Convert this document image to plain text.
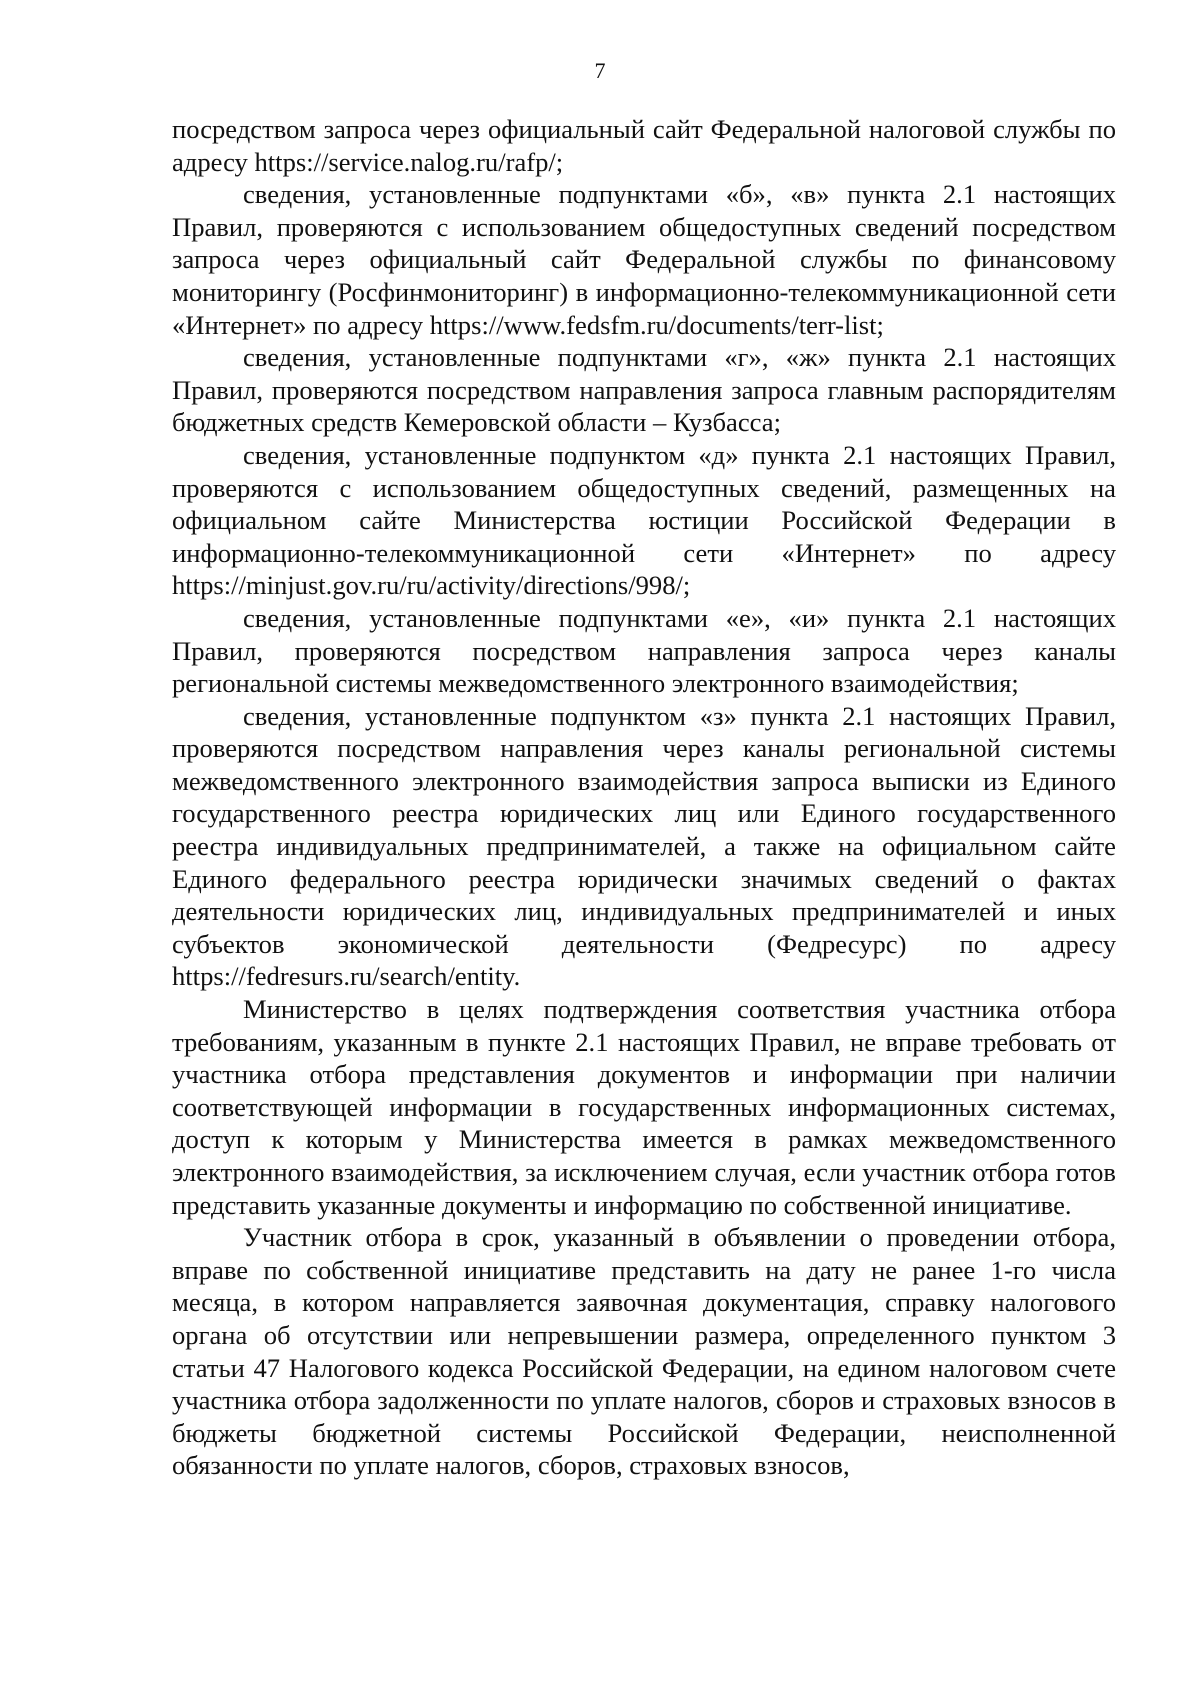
7

посредством запроса через официальный сайт Федеральной налоговой службы по адресу https://service.nalog.ru/rafp/;

сведения, установленные подпунктами «б», «в» пункта 2.1 настоящих Правил, проверяются с использованием общедоступных сведений посредством запроса через официальный сайт Федеральной службы по финансовому мониторингу (Росфинмониторинг) в информационно-телекоммуникационной сети «Интернет» по адресу https://www.fedsfm.ru/documents/terr-list;

сведения, установленные подпунктами «г», «ж» пункта 2.1 настоящих Правил, проверяются посредством направления запроса главным распорядителям бюджетных средств Кемеровской области – Кузбасса;

сведения, установленные подпунктом «д» пункта 2.1 настоящих Правил, проверяются с использованием общедоступных сведений, размещенных на официальном сайте Министерства юстиции Российской Федерации в информационно-телекоммуникационной сети «Интернет» по адресу https://minjust.gov.ru/ru/activity/directions/998/;

сведения, установленные подпунктами «е», «и» пункта 2.1 настоящих Правил, проверяются посредством направления запроса через каналы региональной системы межведомственного электронного взаимодействия;

сведения, установленные подпунктом «з» пункта 2.1 настоящих Правил, проверяются посредством направления через каналы региональной системы межведомственного электронного взаимодействия запроса выписки из Единого государственного реестра юридических лиц или Единого государственного реестра индивидуальных предпринимателей, а также на официальном сайте Единого федерального реестра юридически значимых сведений о фактах деятельности юридических лиц, индивидуальных предпринимателей и иных субъектов экономической деятельности (Федресурс) по адресу https://fedresurs.ru/search/entity.

Министерство в целях подтверждения соответствия участника отбора требованиям, указанным в пункте 2.1 настоящих Правил, не вправе требовать от участника отбора представления документов и информации при наличии соответствующей информации в государственных информационных системах, доступ к которым у Министерства имеется в рамках межведомственного электронного взаимодействия, за исключением случая, если участник отбора готов представить указанные документы и информацию по собственной инициативе.

Участник отбора в срок, указанный в объявлении о проведении отбора, вправе по собственной инициативе представить на дату не ранее 1-го числа месяца, в котором направляется заявочная документация, справку налогового органа об отсутствии или непревышении размера, определенного пунктом 3 статьи 47 Налогового кодекса Российской Федерации, на едином налоговом счете участника отбора задолженности по уплате налогов, сборов и страховых взносов в бюджеты бюджетной системы Российской Федерации, неисполненной обязанности по уплате налогов, сборов, страховых взносов,
